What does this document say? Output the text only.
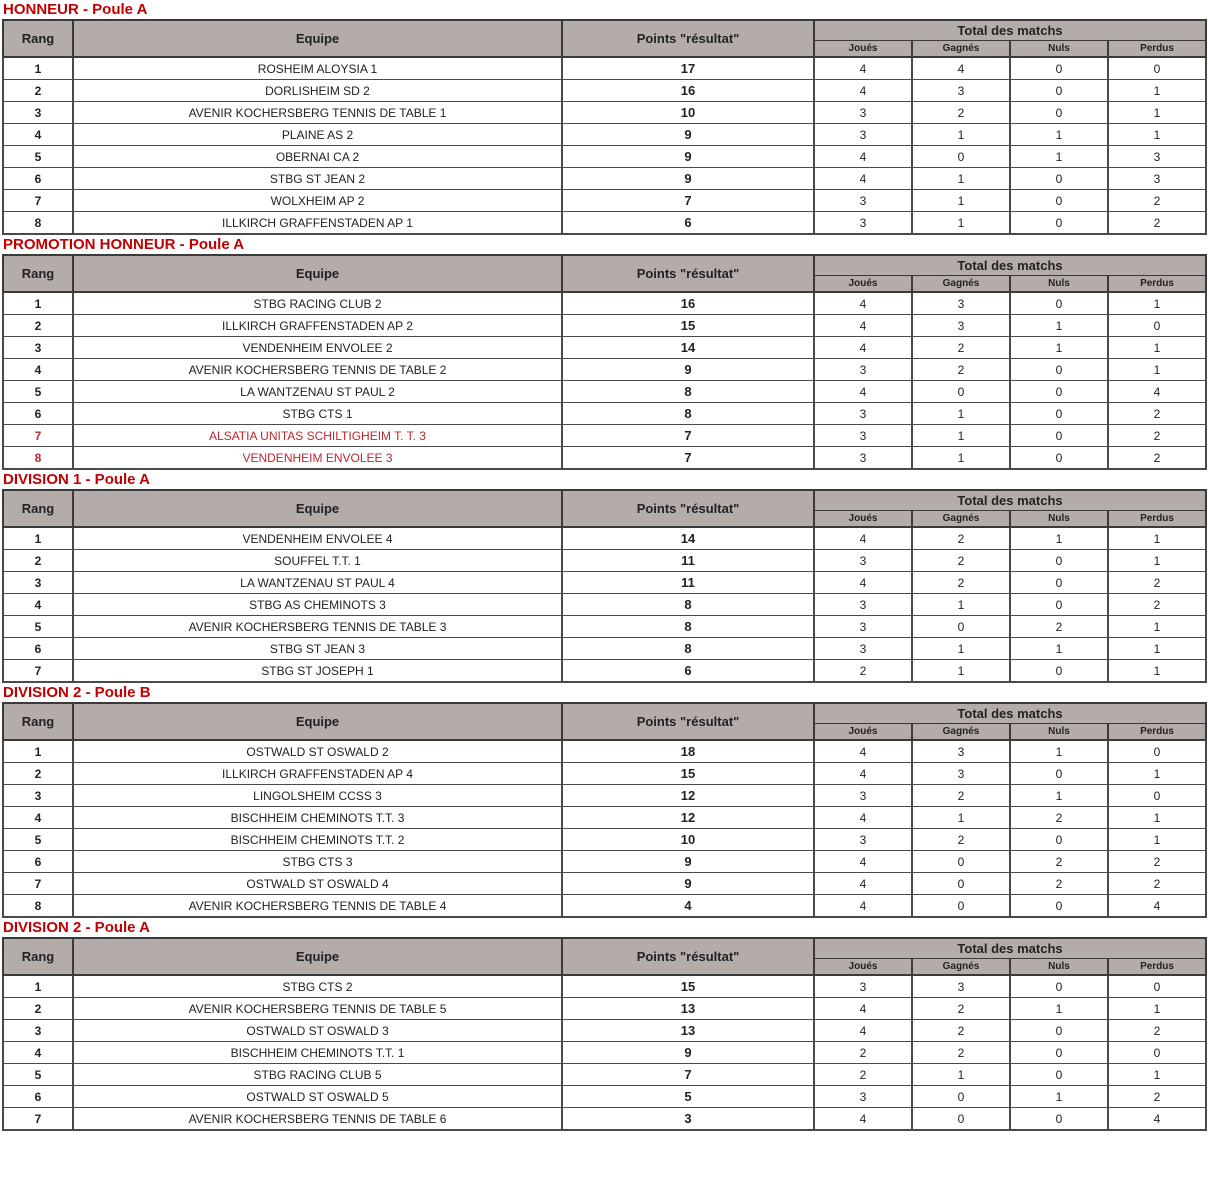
HONNEUR - Poule A
Rang	Equipe	Points "résultat"	Total des matchs			
			Joués	Gagnés	Nuls	Perdus
1	ROSHEIM ALOYSIA 1	17	4	4	0	0
2	DORLISHEIM SD 2	16	4	3	0	1
3	AVENIR KOCHERSBERG TENNIS DE TABLE 1	10	3	2	0	1
4	PLAINE AS 2	9	3	1	1	1
5	OBERNAI CA 2	9	4	0	1	3
6	STBG ST JEAN 2	9	4	1	0	3
7	WOLXHEIM AP 2	7	3	1	0	2
8	ILLKIRCH GRAFFENSTADEN AP 1	6	3	1	0	2
PROMOTION HONNEUR - Poule A
Rang	Equipe	Points "résultat"	Total des matchs			
			Joués	Gagnés	Nuls	Perdus
1	STBG RACING CLUB 2	16	4	3	0	1
2	ILLKIRCH GRAFFENSTADEN AP 2	15	4	3	1	0
3	VENDENHEIM ENVOLEE 2	14	4	2	1	1
4	AVENIR KOCHERSBERG TENNIS DE TABLE 2	9	3	2	0	1
5	LA WANTZENAU ST PAUL 2	8	4	0	0	4
6	STBG CTS 1	8	3	1	0	2
7	ALSATIA UNITAS SCHILTIGHEIM T. T. 3	7	3	1	0	2
8	VENDENHEIM ENVOLEE 3	7	3	1	0	2
DIVISION 1 - Poule A
Rang	Equipe	Points "résultat"	Total des matchs			
			Joués	Gagnés	Nuls	Perdus
1	VENDENHEIM ENVOLEE 4	14	4	2	1	1
2	SOUFFEL T.T. 1	11	3	2	0	1
3	LA WANTZENAU ST PAUL 4	11	4	2	0	2
4	STBG AS CHEMINOTS 3	8	3	1	0	2
5	AVENIR KOCHERSBERG TENNIS DE TABLE 3	8	3	0	2	1
6	STBG ST JEAN 3	8	3	1	1	1
7	STBG ST JOSEPH 1	6	2	1	0	1
DIVISION 2 - Poule B
Rang	Equipe	Points "résultat"	Total des matchs			
			Joués	Gagnés	Nuls	Perdus
1	OSTWALD ST OSWALD 2	18	4	3	1	0
2	ILLKIRCH GRAFFENSTADEN AP 4	15	4	3	0	1
3	LINGOLSHEIM CCSS 3	12	3	2	1	0
4	BISCHHEIM CHEMINOTS T.T. 3	12	4	1	2	1
5	BISCHHEIM CHEMINOTS T.T. 2	10	3	2	0	1
6	STBG CTS 3	9	4	0	2	2
7	OSTWALD ST OSWALD 4	9	4	0	2	2
8	AVENIR KOCHERSBERG TENNIS DE TABLE 4	4	4	0	0	4
DIVISION 2 - Poule A
Rang	Equipe	Points "résultat"	Total des matchs			
			Joués	Gagnés	Nuls	Perdus
1	STBG CTS 2	15	3	3	0	0
2	AVENIR KOCHERSBERG TENNIS DE TABLE 5	13	4	2	1	1
3	OSTWALD ST OSWALD 3	13	4	2	0	2
4	BISCHHEIM CHEMINOTS T.T. 1	9	2	2	0	0
5	STBG RACING CLUB 5	7	2	1	0	1
6	OSTWALD ST OSWALD 5	5	3	0	1	2
7	AVENIR KOCHERSBERG TENNIS DE TABLE 6	3	4	0	0	4
